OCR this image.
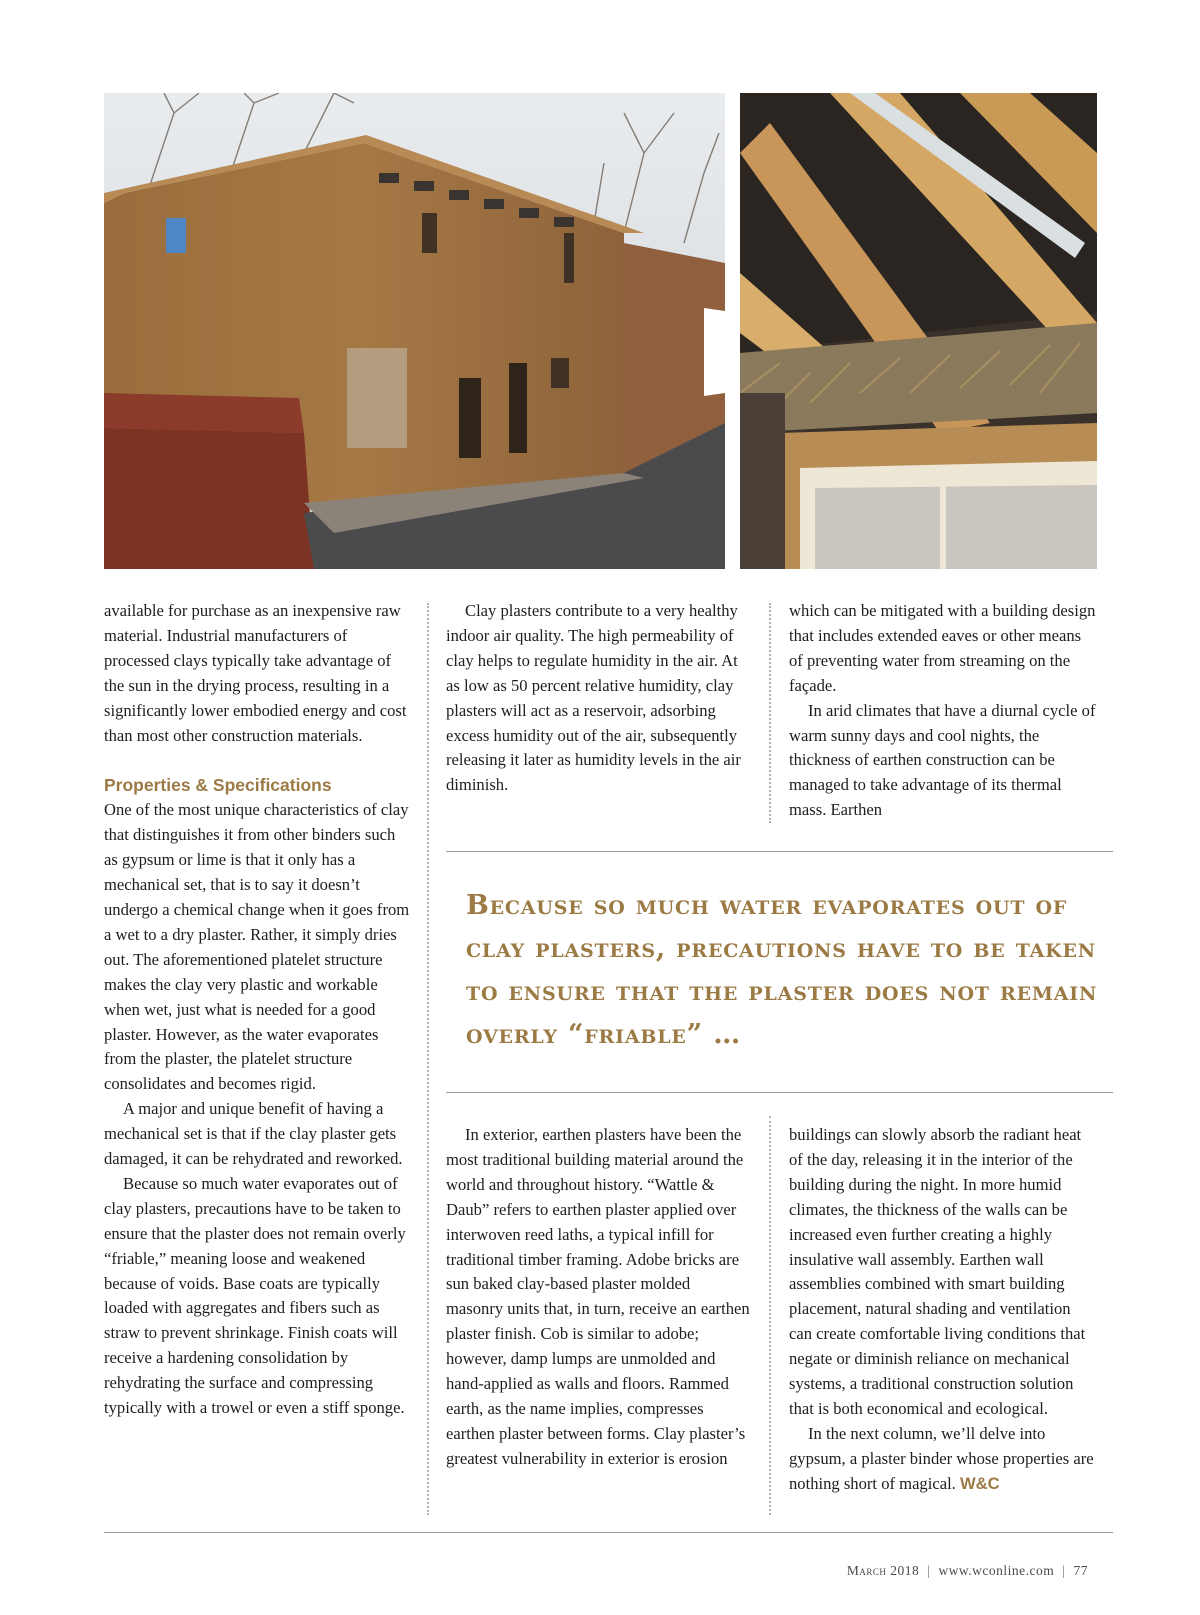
available for purchase as an inexpensive raw material. Industrial manufacturers of processed clays typically take advantage of the sun in the drying process, resulting in a significantly lower embodied energy and cost than most other construction materials.

Properties & Specifications

One of the most unique characteristics of clay that distinguishes it from other binders such as gypsum or lime is that it only has a mechanical set, that is to say it doesn’t undergo a chemical change when it goes from a wet to a dry plaster. Rather, it simply dries out. The aforementioned platelet structure makes the clay very plastic and workable when wet, just what is needed for a good plaster. However, as the water evaporates from the plaster, the platelet structure consolidates and becomes rigid.

A major and unique benefit of having a mechanical set is that if the clay plaster gets damaged, it can be rehydrated and reworked.

Because so much water evaporates out of clay plasters, precautions have to be taken to ensure that the plaster does not remain overly “friable,” meaning loose and weakened because of voids. Base coats are typically loaded with aggregates and fibers such as straw to prevent shrinkage. Finish coats will receive a hardening consolidation by rehydrating the surface and compressing typically with a trowel or even a stiff sponge.

Clay plasters contribute to a very healthy indoor air quality. The high permeability of clay helps to regulate humidity in the air. At as low as 50 percent relative humidity, clay plasters will act as a reservoir, adsorbing excess humidity out of the air, subsequently releasing it later as humidity levels in the air diminish.

which can be mitigated with a building design that includes extended eaves or other means of preventing water from streaming on the façade.

In arid climates that have a diurnal cycle of warm sunny days and cool nights, the thickness of earthen construction can be managed to take advantage of its thermal mass. Earthen

Because so much water evaporates out of clay plasters, precautions have to be taken to ensure that the plaster does not remain overly “friable” …

In exterior, earthen plasters have been the most traditional building material around the world and throughout history. “Wattle & Daub” refers to earthen plaster applied over interwoven reed laths, a typical infill for traditional timber framing. Adobe bricks are sun baked clay-based plaster molded masonry units that, in turn, receive an earthen plaster finish. Cob is similar to adobe; however, damp lumps are unmolded and hand-applied as walls and floors. Rammed earth, as the name implies, compresses earthen plaster between forms. Clay plaster’s greatest vulnerability in exterior is erosion

buildings can slowly absorb the radiant heat of the day, releasing it in the interior of the building during the night. In more humid climates, the thickness of the walls can be increased even further creating a highly insulative wall assembly. Earthen wall assemblies combined with smart building placement, natural shading and ventilation can create comfortable living conditions that negate or diminish reliance on mechanical systems, a traditional construction solution that is both economical and ecological.

In the next column, we’ll delve into gypsum, a plaster binder whose properties are nothing short of magical. W&C

March 2018 | www.wconline.com | 77
